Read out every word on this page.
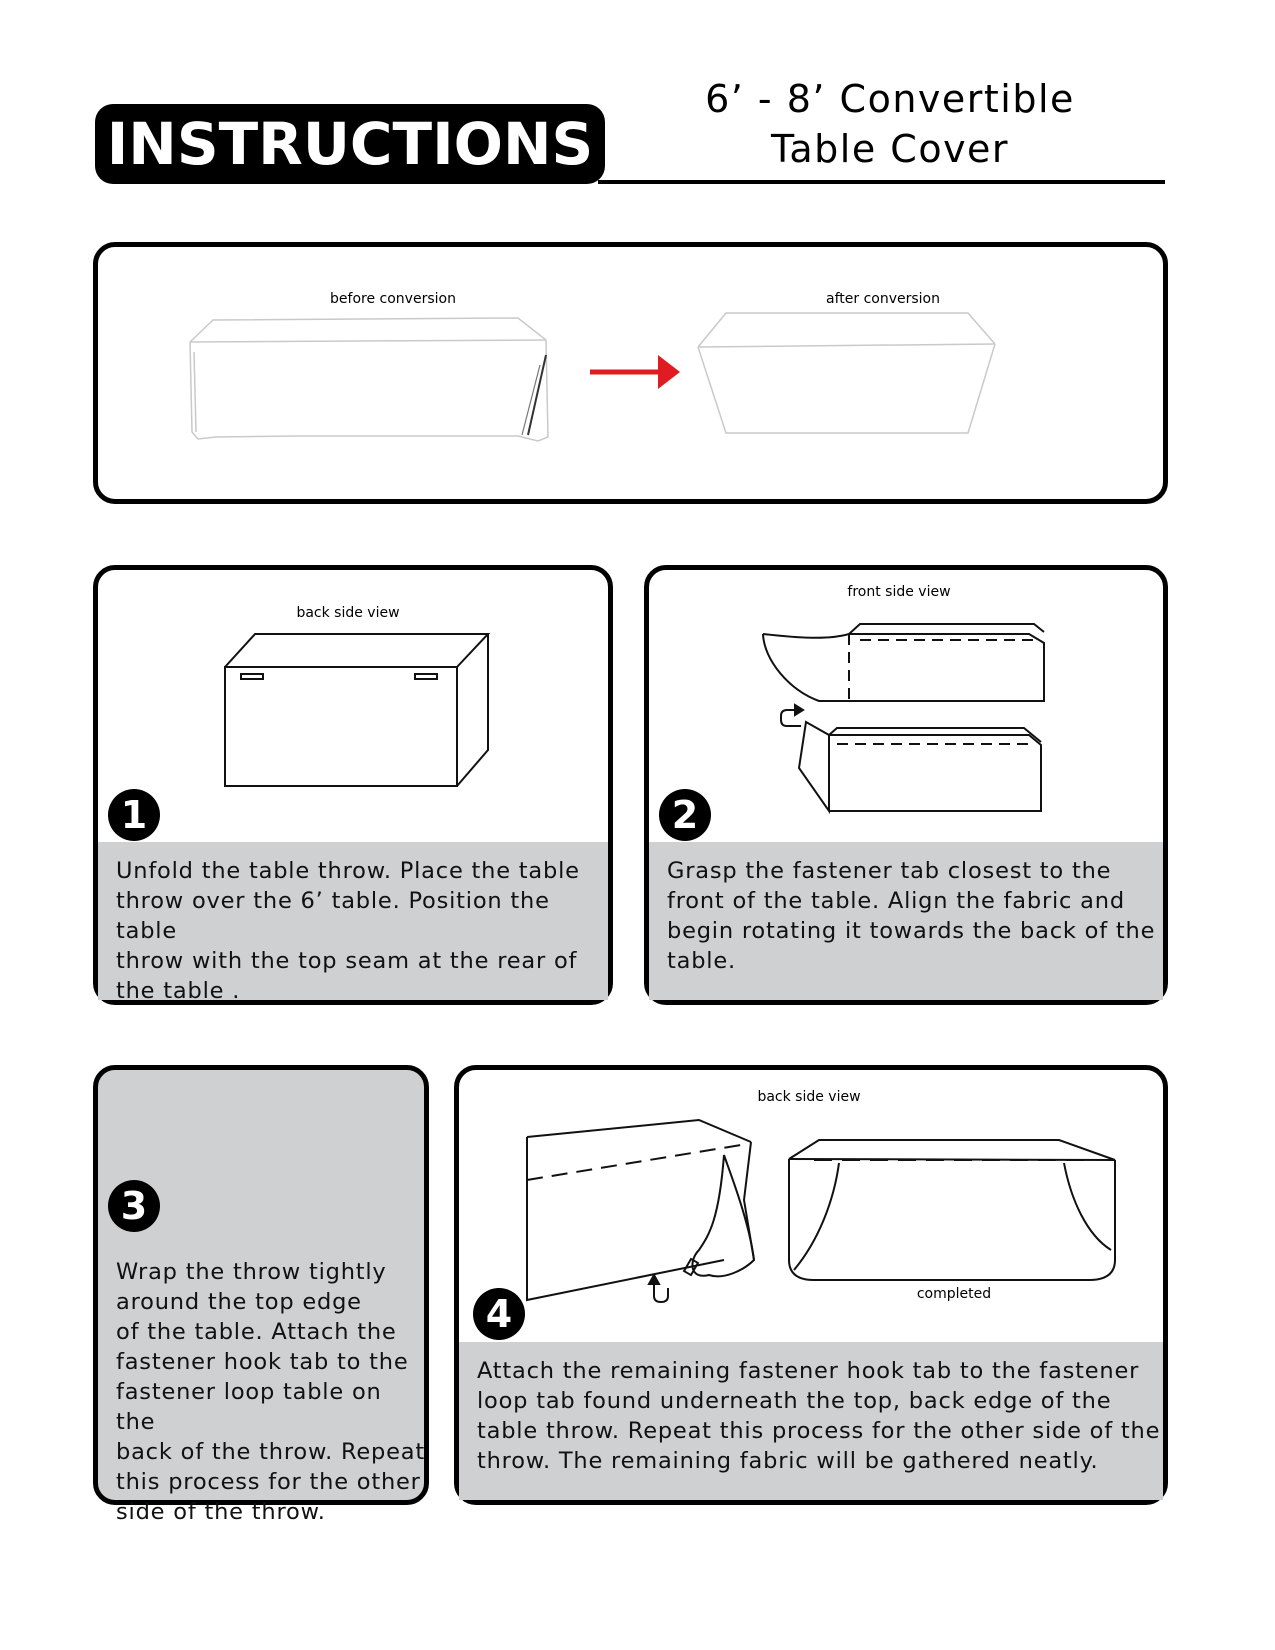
INSTRUCTIONS
6’ - 8’ Convertible
Table Cover
before conversion	after conversion
back side view
1
Unfold the table throw. Place the table
throw over the 6’ table. Position the table
throw with the top seam at the rear of
the table .
front side view
2
Grasp the fastener tab closest to the
front of the table. Align the fabric and
begin rotating it towards the back of the
table.
3
Wrap the throw tightly
around the top edge
of the table. Attach the
fastener hook tab to the
fastener loop table on the
back of the throw. Repeat
this process for the other
side of the throw.
back side view
completed
4
Attach the remaining fastener hook tab to the fastener
loop tab found underneath the top, back edge of the
table throw. Repeat this process for the other side of the
throw. The remaining fabric will be gathered neatly.
